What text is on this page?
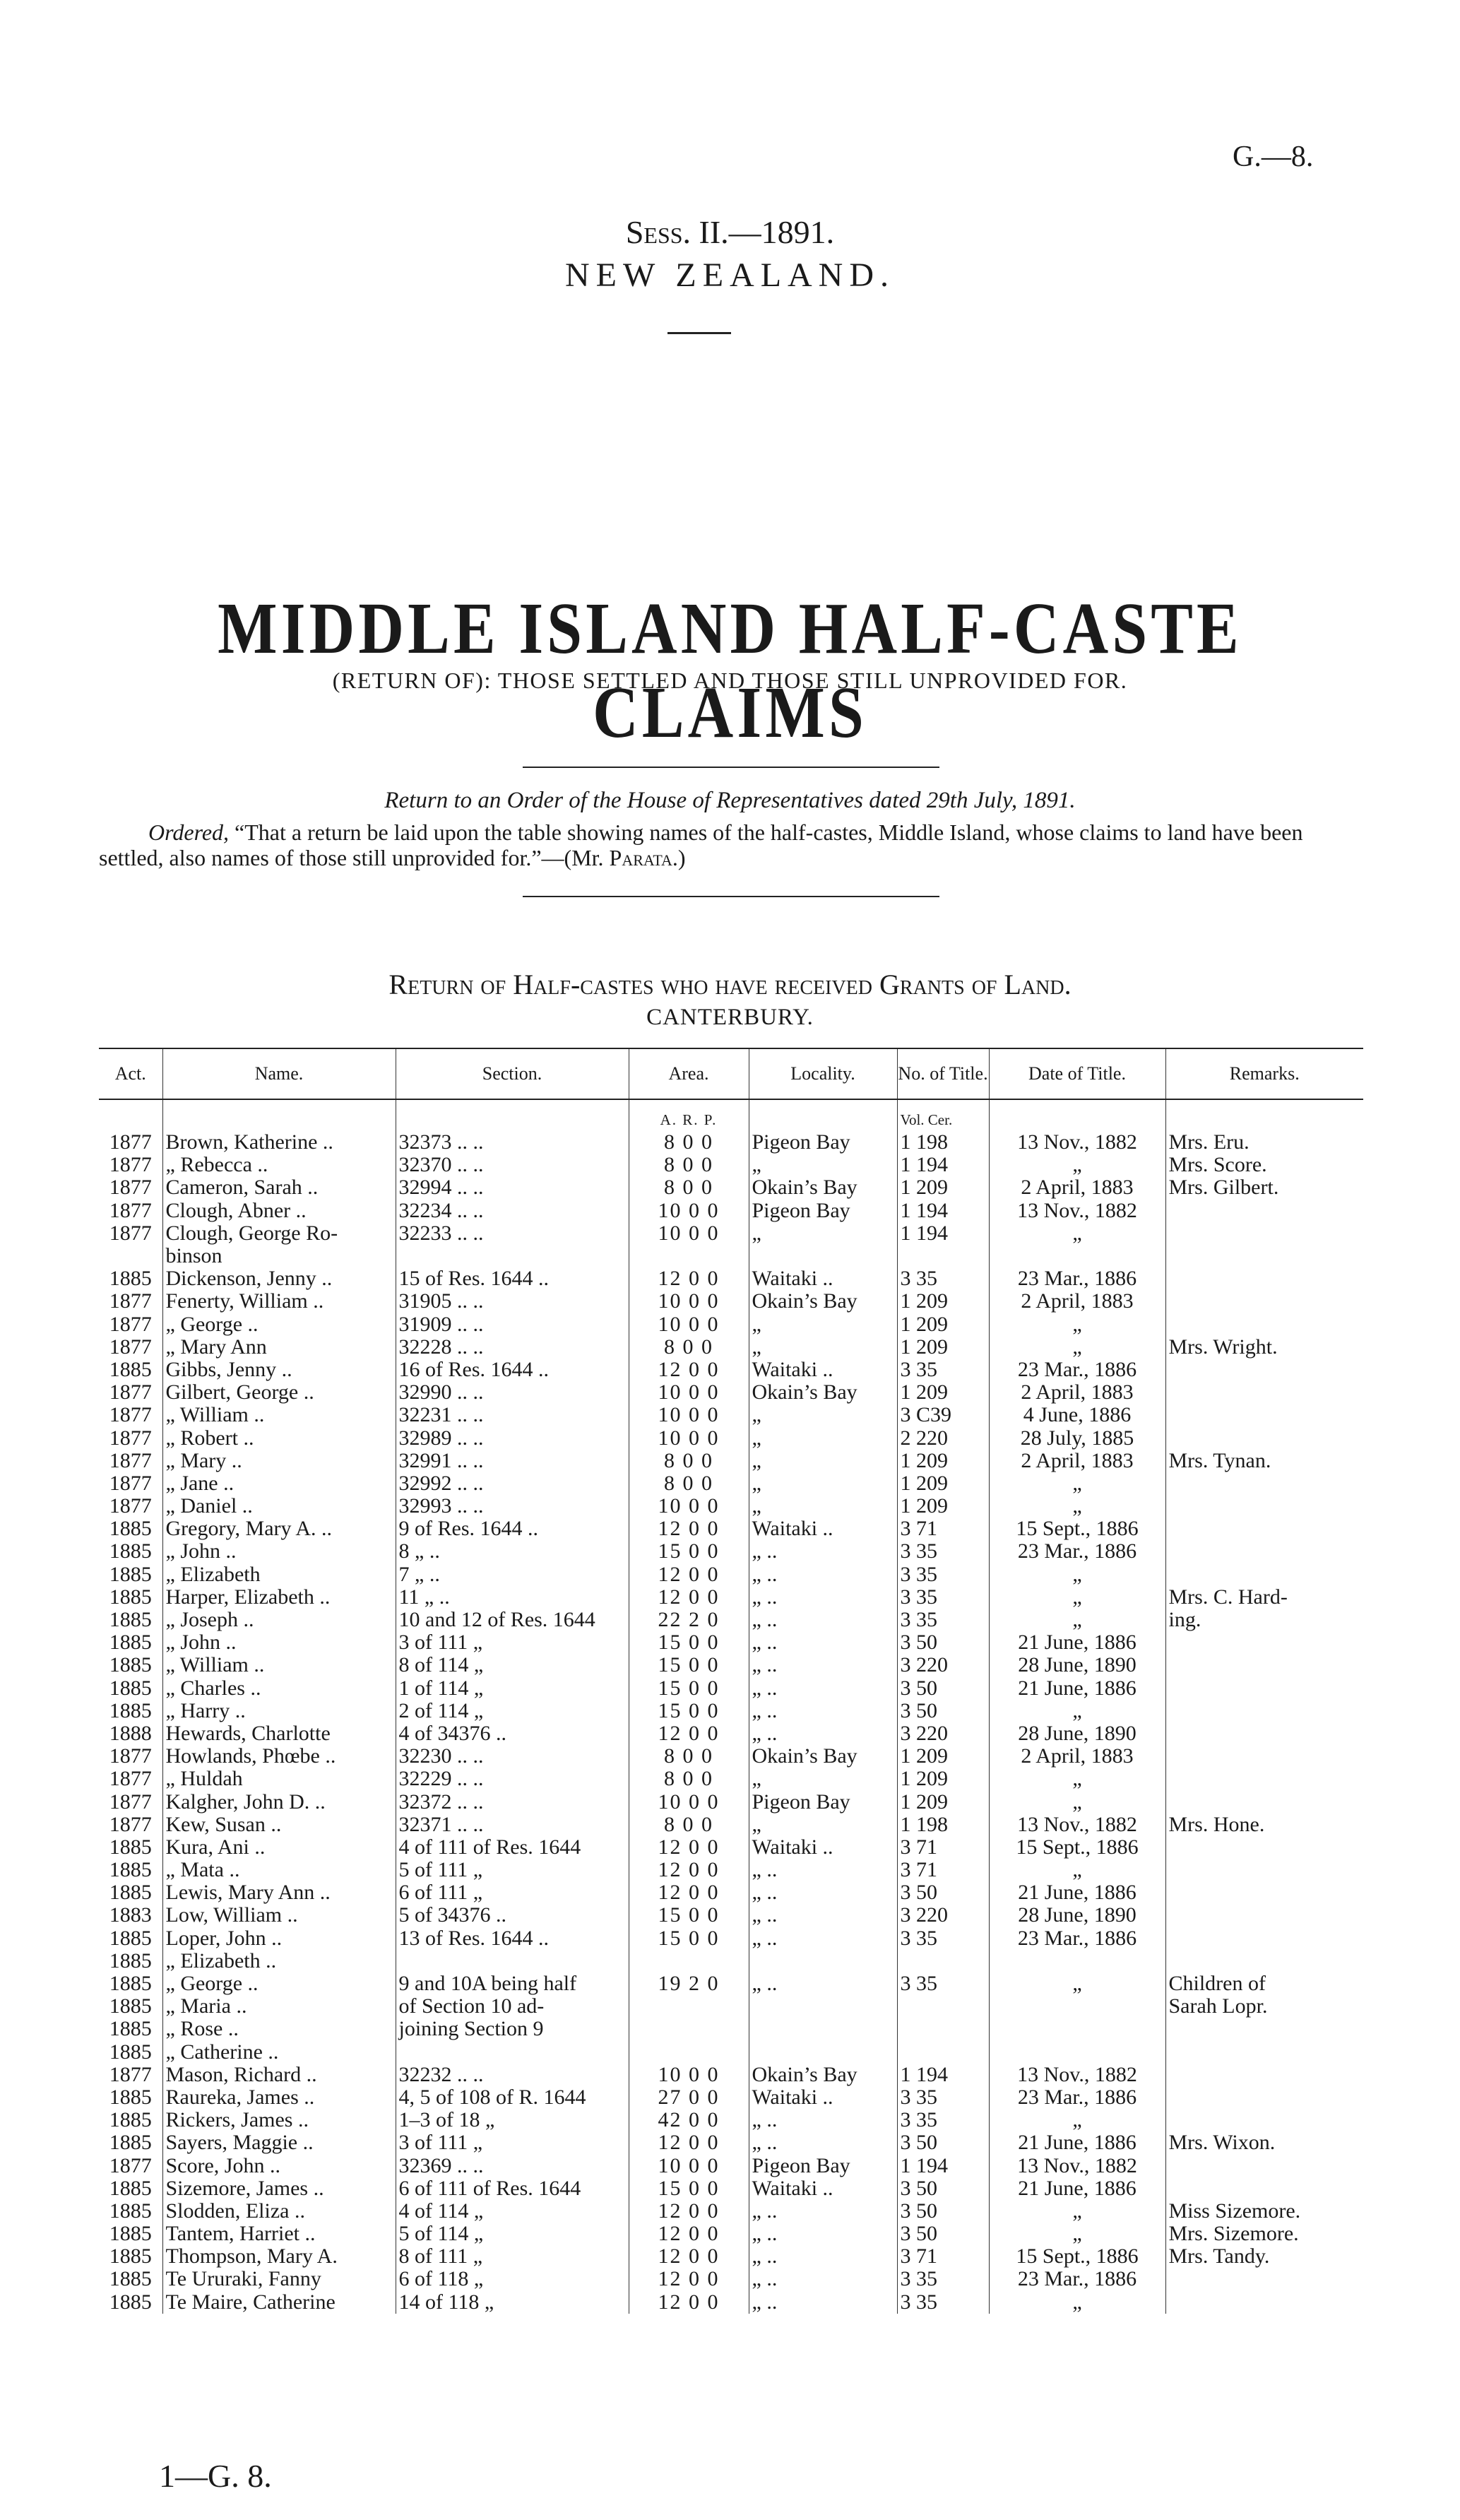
G.—8.
Sess. II.—1891.
NEW ZEALAND.
MIDDLE ISLAND HALF-CASTE CLAIMS
(RETURN OF): THOSE SETTLED AND THOSE STILL UNPROVIDED FOR.
Return to an Order of the House of Representatives dated 29th July, 1891.
Ordered, “That a return be laid upon the table showing names of the half-castes, Middle Island, whose claims to land have been settled, also names of those still unprovided for.”—(Mr. Parata.)
Return of Half-castes who have received Grants of Land.
CANTERBURY.
Act.	Name.	Section.	Area.	Locality.	No. of Title.	Date of Title.	Remarks.
			A. R. P.		Vol. Cer.		
1877	Brown, Katherine ..	32373 .. ..	8 0 0	Pigeon Bay	1 198	13 Nov., 1882	Mrs. Eru.
1877	„ Rebecca ..	32370 .. ..	8 0 0	„	1 194	„	Mrs. Score.
1877	Cameron, Sarah ..	32994 .. ..	8 0 0	Okain’s Bay	1 209	2 April, 1883	Mrs. Gilbert.
1877	Clough, Abner ..	32234 .. ..	10 0 0	Pigeon Bay	1 194	13 Nov., 1882	
1877	Clough, George Ro-	32233 .. ..	10 0 0	„	1 194	„	
	binson						
1885	Dickenson, Jenny ..	15 of Res. 1644 ..	12 0 0	Waitaki ..	3 35	23 Mar., 1886	
1877	Fenerty, William ..	31905 .. ..	10 0 0	Okain’s Bay	1 209	2 April, 1883	
1877	„ George ..	31909 .. ..	10 0 0	„	1 209	„	
1877	„ Mary Ann	32228 .. ..	8 0 0	„	1 209	„	Mrs. Wright.
1885	Gibbs, Jenny ..	16 of Res. 1644 ..	12 0 0	Waitaki ..	3 35	23 Mar., 1886	
1877	Gilbert, George ..	32990 .. ..	10 0 0	Okain’s Bay	1 209	2 April, 1883	
1877	„ William ..	32231 .. ..	10 0 0	„	3 C39	4 June, 1886	
1877	„ Robert ..	32989 .. ..	10 0 0	„	2 220	28 July, 1885	
1877	„ Mary ..	32991 .. ..	8 0 0	„	1 209	2 April, 1883	Mrs. Tynan.
1877	„ Jane ..	32992 .. ..	8 0 0	„	1 209	„	
1877	„ Daniel ..	32993 .. ..	10 0 0	„	1 209	„	
1885	Gregory, Mary A. ..	9 of Res. 1644 ..	12 0 0	Waitaki ..	3 71	15 Sept., 1886	
1885	„ John ..	8 „ ..	15 0 0	„ ..	3 35	23 Mar., 1886	
1885	„ Elizabeth	7 „ ..	12 0 0	„ ..	3 35	„	
1885	Harper, Elizabeth ..	11 „ ..	12 0 0	„ ..	3 35	„	Mrs. C. Hard-
1885	„ Joseph ..	10 and 12 of Res. 1644	22 2 0	„ ..	3 35	„	ing.
1885	„ John ..	3 of 111 „	15 0 0	„ ..	3 50	21 June, 1886	
1885	„ William ..	8 of 114 „	15 0 0	„ ..	3 220	28 June, 1890	
1885	„ Charles ..	1 of 114 „	15 0 0	„ ..	3 50	21 June, 1886	
1885	„ Harry ..	2 of 114 „	15 0 0	„ ..	3 50	„	
1888	Hewards, Charlotte	4 of 34376 ..	12 0 0	„ ..	3 220	28 June, 1890	
1877	Howlands, Phœbe ..	32230 .. ..	8 0 0	Okain’s Bay	1 209	2 April, 1883	
1877	„ Huldah	32229 .. ..	8 0 0	„	1 209	„	
1877	Kalgher, John D. ..	32372 .. ..	10 0 0	Pigeon Bay	1 209	„	
1877	Kew, Susan ..	32371 .. ..	8 0 0	„	1 198	13 Nov., 1882	Mrs. Hone.
1885	Kura, Ani ..	4 of 111 of Res. 1644	12 0 0	Waitaki ..	3 71	15 Sept., 1886	
1885	„ Mata ..	5 of 111 „	12 0 0	„ ..	3 71	„	
1885	Lewis, Mary Ann ..	6 of 111 „	12 0 0	„ ..	3 50	21 June, 1886	
1883	Low, William ..	5 of 34376 ..	15 0 0	„ ..	3 220	28 June, 1890	
1885	Loper, John ..	13 of Res. 1644 ..	15 0 0	„ ..	3 35	23 Mar., 1886	
1885	„ Elizabeth ..						
1885	„ George ..	9 and 10A being half	19 2 0	„ ..	3 35	„	Children of
1885	„ Maria ..	of Section 10 ad-					Sarah Lopr.
1885	„ Rose ..	joining Section 9					
1885	„ Catherine ..						
1877	Mason, Richard ..	32232 .. ..	10 0 0	Okain’s Bay	1 194	13 Nov., 1882	
1885	Raureka, James ..	4, 5 of 108 of R. 1644	27 0 0	Waitaki ..	3 35	23 Mar., 1886	
1885	Rickers, James ..	1–3 of 18 „	42 0 0	„ ..	3 35	„	
1885	Sayers, Maggie ..	3 of 111 „	12 0 0	„ ..	3 50	21 June, 1886	Mrs. Wixon.
1877	Score, John ..	32369 .. ..	10 0 0	Pigeon Bay	1 194	13 Nov., 1882	
1885	Sizemore, James ..	6 of 111 of Res. 1644	15 0 0	Waitaki ..	3 50	21 June, 1886	
1885	Slodden, Eliza ..	4 of 114 „	12 0 0	„ ..	3 50	„	Miss Sizemore.
1885	Tantem, Harriet ..	5 of 114 „	12 0 0	„ ..	3 50	„	Mrs. Sizemore.
1885	Thompson, Mary A.	8 of 111 „	12 0 0	„ ..	3 71	15 Sept., 1886	Mrs. Tandy.
1885	Te Ururaki, Fanny	6 of 118 „	12 0 0	„ ..	3 35	23 Mar., 1886	
1885	Te Maire, Catherine	14 of 118 „	12 0 0	„ ..	3 35	„	
1—G. 8.
